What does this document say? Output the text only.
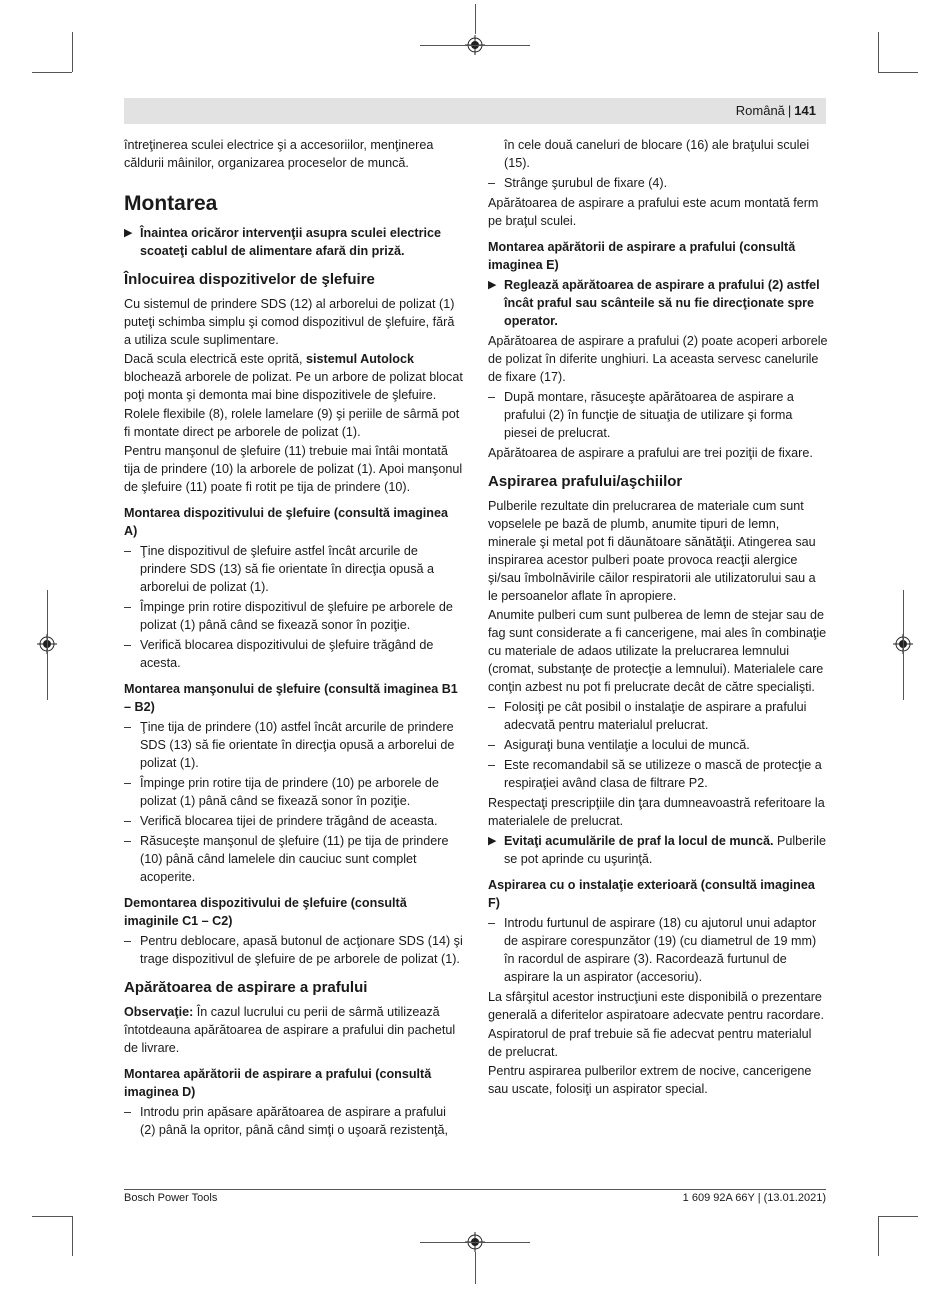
Română | 141

întreţinerea sculei electrice şi a accesoriilor, menţinerea căldurii mâinilor, organizarea proceselor de muncă.

Montarea
▶ Înaintea oricăror intervenţii asupra sculei electrice scoateţi cablul de alimentare afară din priză.
Înlocuirea dispozitivelor de şlefuire

Cu sistemul de prindere SDS (12) al arborelui de polizat (1) puteţi schimba simplu şi comod dispozitivul de şlefuire, fără a utiliza scule suplimentare.

Dacă scula electrică este oprită, sistemul Autolock blochează arborele de polizat. Pe un arbore de polizat blocat poţi monta şi demonta mai bine dispozitivele de şlefuire.

Rolele flexibile (8), rolele lamelare (9) şi periile de sârmă pot fi montate direct pe arborele de polizat (1).

Pentru manşonul de şlefuire (11) trebuie mai întâi montată tija de prindere (10) la arborele de polizat (1). Apoi manşonul de şlefuire (11) poate fi rotit pe tija de prindere (10).

Montarea dispozitivului de şlefuire (consultă imaginea A)
– Ţine dispozitivul de şlefuire astfel încât arcurile de prindere SDS (13) să fie orientate în direcţia opusă a arborelui de polizat (1).
– Împinge prin rotire dispozitivul de şlefuire pe arborele de polizat (1) până când se fixează sonor în poziţie.
– Verifică blocarea dispozitivului de şlefuire trăgând de acesta.
Montarea manşonului de şlefuire (consultă imaginea B1 – B2)
– Ţine tija de prindere (10) astfel încât arcurile de prindere SDS (13) să fie orientate în direcţia opusă a arborelui de polizat (1).
– Împinge prin rotire tija de prindere (10) pe arborele de polizat (1) până când se fixează sonor în poziţie.
– Verifică blocarea tijei de prindere trăgând de aceasta.
– Răsuceşte manşonul de şlefuire (11) pe tija de prindere (10) până când lamelele din cauciuc sunt complet acoperite.
Demontarea dispozitivului de şlefuire (consultă imaginile C1 – C2)
– Pentru deblocare, apasă butonul de acţionare SDS (14) şi trage dispozitivul de şlefuire de pe arborele de polizat (1).
Apărătoarea de aspirare a prafului

Observaţie: În cazul lucrului cu perii de sârmă utilizează întotdeauna apărătoarea de aspirare a prafului din pachetul de livrare.

Montarea apărătorii de aspirare a prafului (consultă imaginea D)
– Introdu prin apăsare apărătoarea de aspirare a prafului (2) până la opritor, până când simţi o uşoară rezistenţă,

în cele două caneluri de blocare (16) ale braţului sculei (15).

– Strânge şurubul de fixare (4).

Apărătoarea de aspirare a prafului este acum montată ferm pe braţul sculei.

Montarea apărătorii de aspirare a prafului (consultă imaginea E)
▶ Reglează apărătoarea de aspirare a prafului (2) astfel încât praful sau scânteile să nu fie direcţionate spre operator.

Apărătoarea de aspirare a prafului (2) poate acoperi arborele de polizat în diferite unghiuri. La aceasta servesc canelurile de fixare (17).

– După montare, răsuceşte apărătoarea de aspirare a prafului (2) în funcţie de situaţia de utilizare şi forma piesei de prelucrat.

Apărătoarea de aspirare a prafului are trei poziţii de fixare.

Aspirarea prafului/aşchiilor

Pulberile rezultate din prelucrarea de materiale cum sunt vopselele pe bază de plumb, anumite tipuri de lemn, minerale şi metal pot fi dăunătoare sănătăţii. Atingerea sau inspirarea acestor pulberi poate provoca reacţii alergice şi/sau îmbolnăvirile căilor respiratorii ale utilizatorului sau a le persoanelor aflate în apropiere.

Anumite pulberi cum sunt pulberea de lemn de stejar sau de fag sunt considerate a fi cancerigene, mai ales în combinaţie cu materiale de adaos utilizate la prelucrarea lemnului (cromat, substanţe de protecţie a lemnului). Materialele care conţin azbest nu pot fi prelucrate decât de către specialişti.

– Folosiţi pe cât posibil o instalaţie de aspirare a prafului adecvată pentru materialul prelucrat.
– Asiguraţi buna ventilaţie a locului de muncă.
– Este recomandabil să se utilizeze o mască de protecţie a respiraţiei având clasa de filtrare P2.

Respectaţi prescripţiile din ţara dumneavoastră referitoare la materialele de prelucrat.

▶ Evitaţi acumulările de praf la locul de muncă. Pulberile se pot aprinde cu uşurinţă.
Aspirarea cu o instalaţie exterioară (consultă imaginea F)
– Introdu furtunul de aspirare (18) cu ajutorul unui adaptor de aspirare corespunzător (19) (cu diametrul de 19 mm) în racordul de aspirare (3). Racordează furtunul de aspirare la un aspirator (accesoriu).

La sfârşitul acestor instrucţiuni este disponibilă o prezentare generală a diferitelor aspiratoare adecvate pentru racordare.

Aspiratorul de praf trebuie să fie adecvat pentru materialul de prelucrat.

Pentru aspirarea pulberilor extrem de nocive, cancerigene sau uscate, folosiţi un aspirator special.

Bosch Power Tools	1 609 92A 66Y | (13.01.2021)
